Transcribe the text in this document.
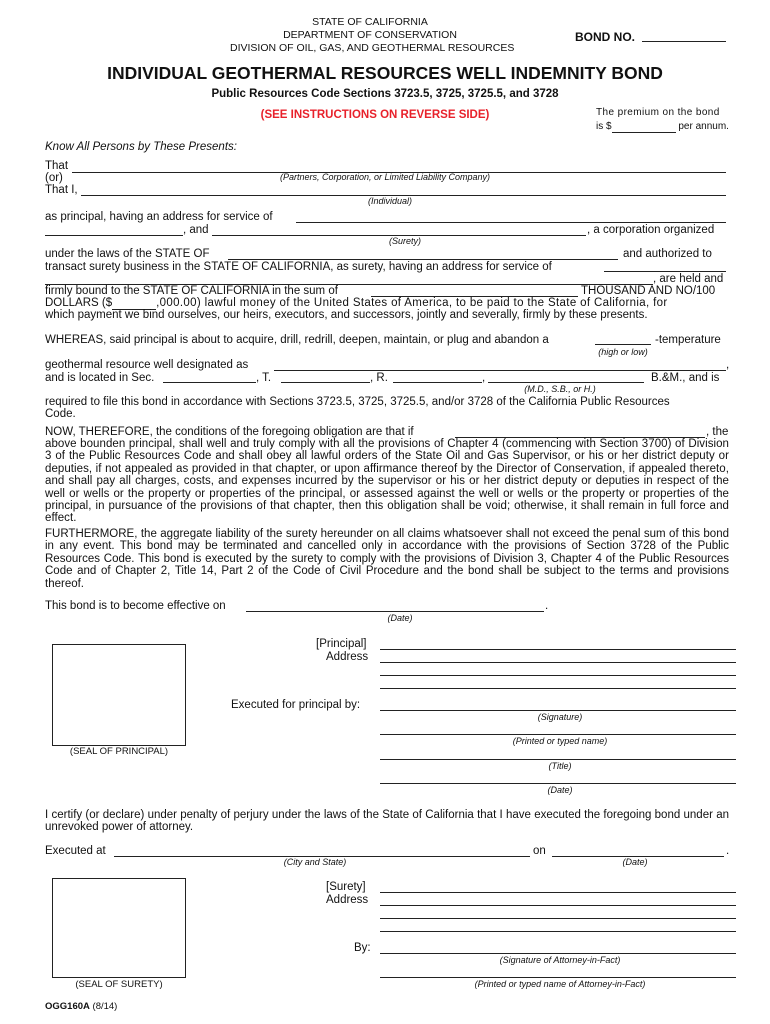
STATE OF CALIFORNIA
DEPARTMENT OF CONSERVATION
DIVISION OF OIL, GAS, AND GEOTHERMAL RESOURCES
BOND NO.
INDIVIDUAL GEOTHERMAL RESOURCES WELL INDEMNITY BOND
Public Resources Code Sections 3723.5, 3725, 3725.5, and 3728
(SEE INSTRUCTIONS ON REVERSE SIDE)	The premium on the bond
is $	per annum.
Know All Persons by These Presents:
That
(or)	(Partners, Corporation, or Limited Liability Company)
That I,
(Individual)
as principal, having an address for service of
, and	, a corporation organized
(Surety)
under the laws of the STATE OF	and authorized to
transact surety business in the STATE OF CALIFORNIA, as surety, having an address for service of
, are held and
firmly bound to the STATE OF CALIFORNIA in the sum of	THOUSAND AND NO/100
DOLLARS ($	,000.00) lawful money of the United States of America, to be paid to the State of California, for
which payment we bind ourselves, our heirs, executors, and successors, jointly and severally, firmly by these presents.
WHEREAS, said principal is about to acquire, drill, redrill, deepen, maintain, or plug and abandon a	-temperature
(high or low)
geothermal resource well designated as	,
and is located in Sec.	, T.	, R.	,	B.&M., and is
(M.D., S.B., or H.)
required to file this bond in accordance with Sections 3723.5, 3725, 3725.5, and/or 3728 of the California Public Resources
Code.
NOW, THEREFORE, the conditions of the foregoing obligation are that if	, the
above bounden principal, shall well and truly comply with all the provisions of Chapter 4 (commencing with Section 3700) of Division 3 of the Public Resources Code and shall obey all lawful orders of the State Oil and Gas Supervisor, or his or her district deputy or deputies, if not appealed as provided in that chapter, or upon affirmance thereof by the Director of Conservation, if appealed thereto, and shall pay all charges, costs, and expenses incurred by the supervisor or his or her district deputy or deputies in respect of the well or wells or the property or properties of the principal, or assessed against the well or wells or the property or properties of the principal, in pursuance of the provisions of that chapter, then this obligation shall be void; otherwise, it shall remain in full force and effect.
FURTHERMORE, the aggregate liability of the surety hereunder on all claims whatsoever shall not exceed the penal sum of this bond in any event. This bond may be terminated and cancelled only in accordance with the provisions of Section 3728 of the Public Resources Code. This bond is executed by the surety to comply with the provisions of Division 3, Chapter 4 of the Public Resources Code and of Chapter 2, Title 14, Part 2 of the Code of Civil Procedure and the bond shall be subject to the terms and provisions thereof.
This bond is to become effective on	.
(Date)
(SEAL OF PRINCIPAL)
[Principal]
Address
Executed for principal by:
(Signature)
(Printed or typed name)
(Title)
(Date)
I certify (or declare) under penalty of perjury under the laws of the State of California that I have executed the foregoing bond under an unrevoked power of attorney.
Executed at	on	.
(City and State)	(Date)
(SEAL OF SURETY)
[Surety]
Address
By:
(Signature of Attorney-in-Fact)
(Printed or typed name of Attorney-in-Fact)
OGG160A (8/14)
